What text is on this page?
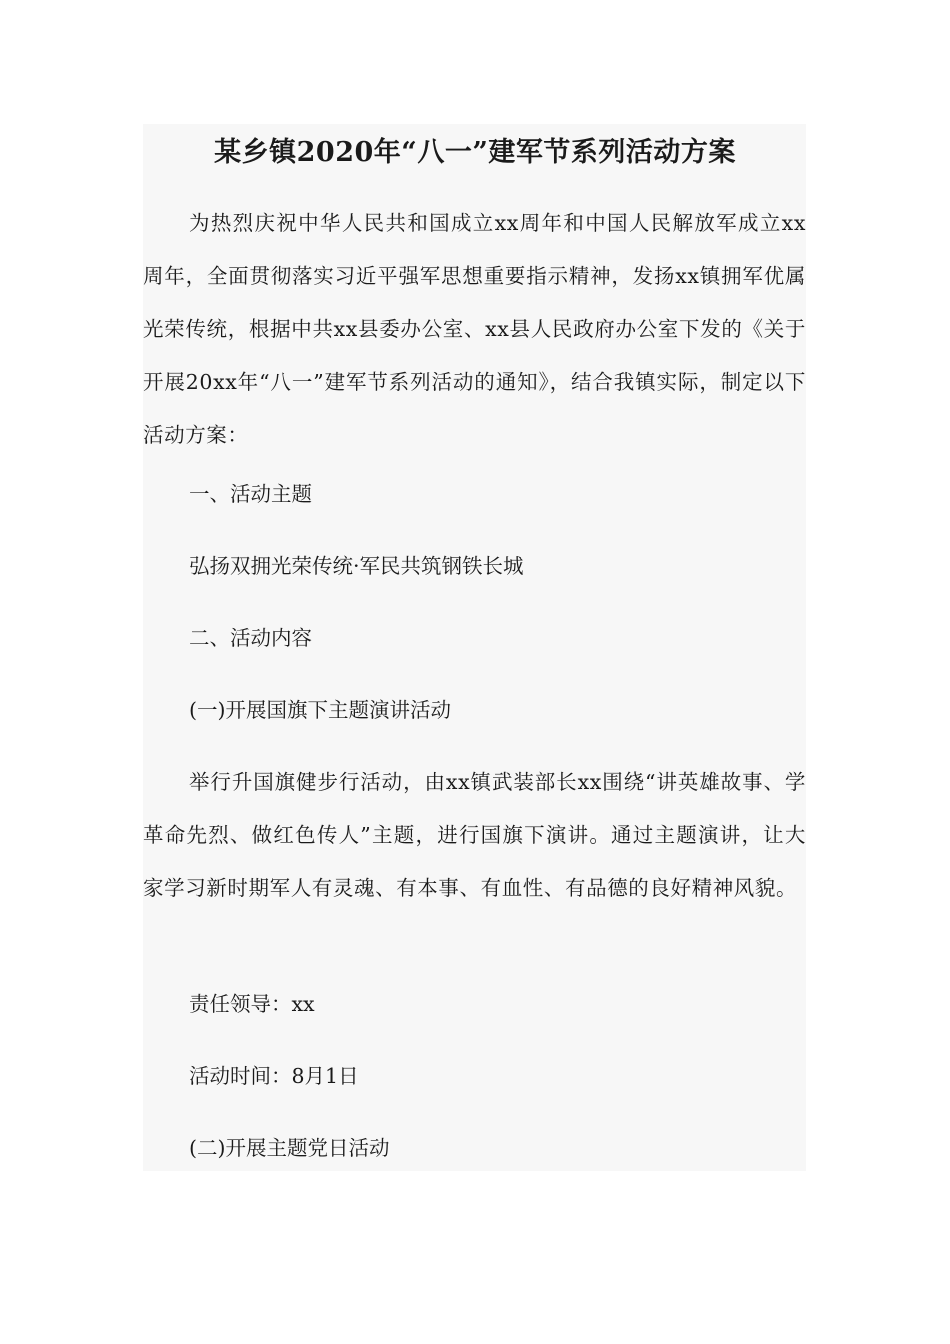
某乡镇2020年“八一”建军节系列活动方案

为热烈庆祝中华人民共和国成立xx周年和中国人民解放军成立xx周年，全面贯彻落实习近平强军思想重要指示精神，发扬xx镇拥军优属光荣传统，根据中共xx县委办公室、xx县人民政府办公室下发的《关于开展20xx年“八一”建军节系列活动的通知》，结合我镇实际，制定以下活动方案：

一、活动主题

弘扬双拥光荣传统·军民共筑钢铁长城

二、活动内容

(一)开展国旗下主题演讲活动

举行升国旗健步行活动，由xx镇武装部长xx围绕“讲英雄故事、学革命先烈、做红色传人”主题，进行国旗下演讲。通过主题演讲，让大家学习新时期军人有灵魂、有本事、有血性、有品德的良好精神风貌。

责任领导：xx

活动时间：8月1日

(二)开展主题党日活动
